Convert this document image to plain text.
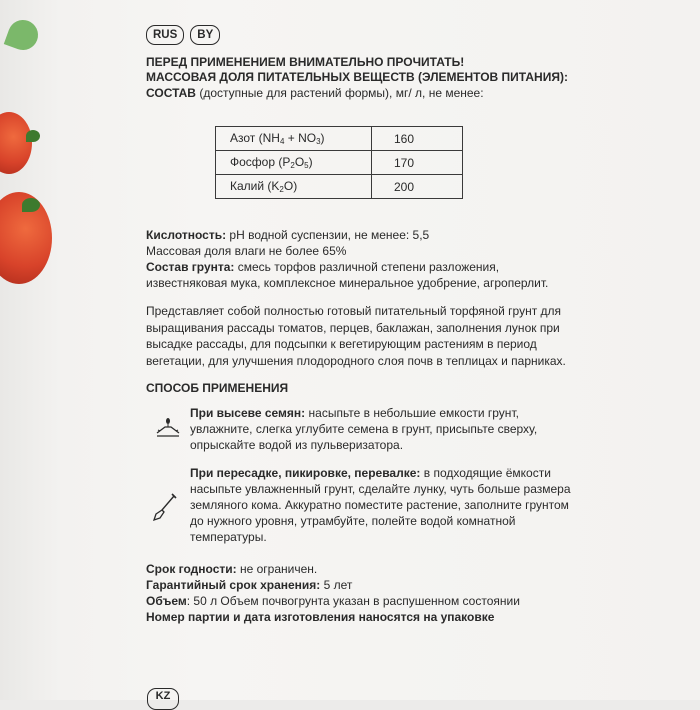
RUS	BY
ПЕРЕД ПРИМЕНЕНИЕМ ВНИМАТЕЛЬНО ПРОЧИТАТЬ!
МАССОВАЯ ДОЛЯ ПИТАТЕЛЬНЫХ ВЕЩЕСТВ (ЭЛЕМЕНТОВ ПИТАНИЯ):
СОСТАВ (доступные для растений формы), мг/ л, не менее:
Азот $(NH_4 + NO_3)$	160
Фосфор $(P_2O_5)$	170
Калий $(K_2O)$	200
Кислотность: pH водной суспензии, не менее: 5,5
Массовая доля влаги не более 65%
Состав грунта: смесь торфов различной степени разложения,
известняковая мука, комплексное минеральное удобрение, агроперлит.
Представляет собой полностью готовый питательный торфяной грунт для
выращивания рассады томатов, перцев, баклажан, заполнения лунок при
высадке рассады, для подсыпки к вегетирующим растениям в период
вегетации, для улучшения плодородного слоя почв в теплицах и парниках.
СПОСОБ ПРИМЕНЕНИЯ
При высеве семян: насыпьте в небольшие емкости грунт,
увлажните, слегка углубите семена в грунт, присыпьте сверху,
опрыскайте водой из пульверизатора.
При пересадке, пикировке, перевалке: в подходящие ёмкости
насыпьте увлажненный грунт, сделайте лунку, чуть больше размера
земляного кома. Аккуратно поместите растение, заполните грунтом
до нужного уровня, утрамбуйте, полейте водой комнатной
температуры.
Срок годности: не ограничен.
Гарантийный срок хранения: 5 лет
Объем: 50 л Объем почвогрунта указан в распушенном состоянии
Номер партии и дата изготовления наносятся на упаковке
KZ
